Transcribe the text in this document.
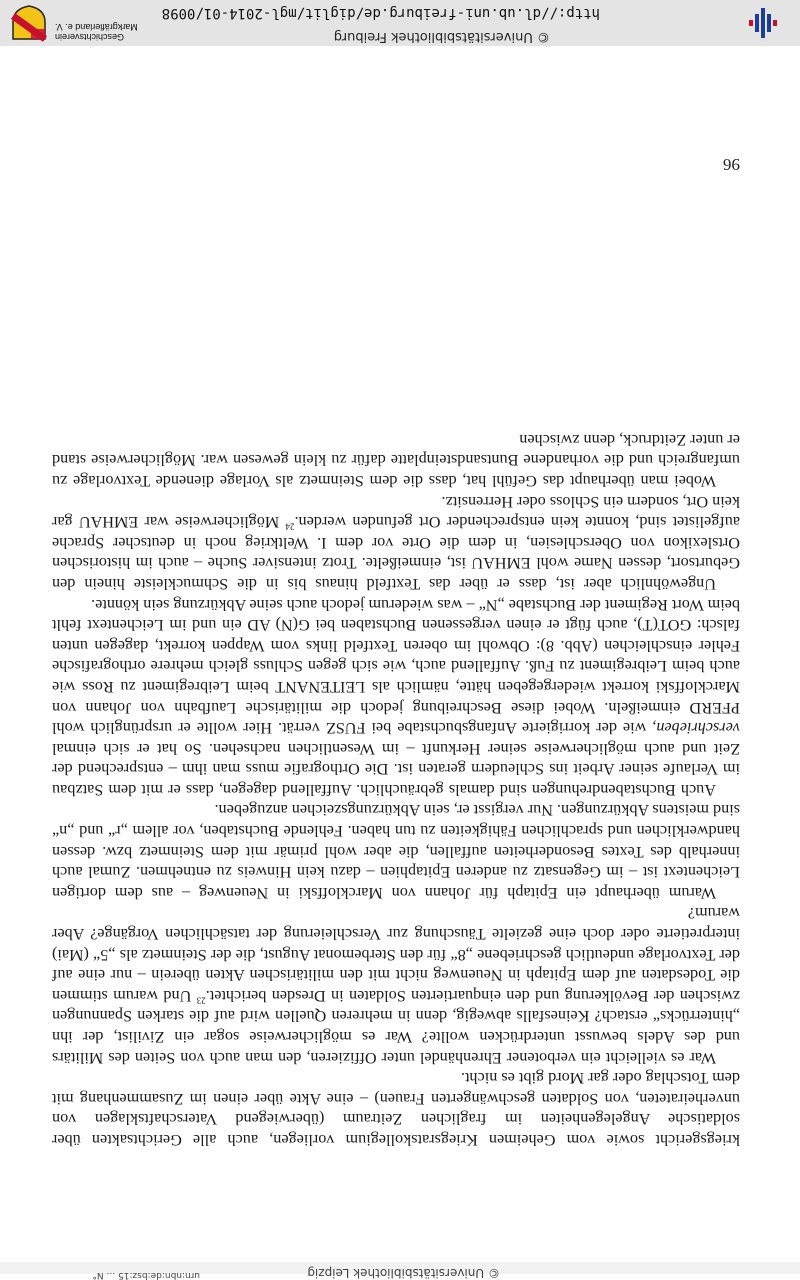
© Universitätsbibliothek Leipzig
urn:nbn:de:bsz:15 ... N°

kriegsgericht sowie vom Geheimen Kriegsratskollegium vorliegen, auch alle Gerichtsakten über soldatische Angelegenheiten im fraglichen Zeitraum (überwiegend Vaterschaftsklagen von unverheirateten, von Soldaten geschwängerten Frauen) – eine Akte über einen im Zusammenhang mit dem Totschlag oder gar Mord gibt es nicht.

War es vielleicht ein verbotener Ehrenhändel unter Offizieren, den man auch von Seiten des Militärs und des Adels bewusst unterdrücken wollte? War es möglicherweise sogar ein Zivilist, der ihn „hinterrücks“ erstach? Keinesfalls abwegig, denn in mehreren Quellen wird auf die starken Spannungen zwischen der Bevölkerung und den einquartierten Soldaten in Dresden berichtet.$^{23}$ Und warum stimmen die Todesdaten auf dem Epitaph in Neuenweg nicht mit den militärischen Akten überein – nur eine auf der Textvorlage undeutlich geschriebene „8“ für den Sterbemonat August, die der Steinmetz als „5“ (Mai) interpretierte oder doch eine gezielte Täuschung zur Verschleierung der tatsächlichen Vorgänge? Aber warum?

Warum überhaupt ein Epitaph für Johann von Marckloffski in Neuenweg – aus dem dortigen Leichentext ist – im Gegensatz zu anderen Epitaphien – dazu kein Hinweis zu entnehmen. Zumal auch innerhalb des Textes Besonderheiten auffallen, die aber wohl primär mit dem Steinmetz bzw. dessen handwerklichen und sprachlichen Fähigkeiten zu tun haben. Fehlende Buchstaben, vor allem „r“ und „n“ sind meistens Abkürzungen. Nur vergisst er, sein Abkürzungszeichen anzugeben.

Auch Buchstabendrehungen sind damals gebräuchlich. Auffallend dagegen, dass er mit dem Satzbau im Verlaufe seiner Arbeit ins Schleudern geraten ist. Die Orthografie muss man ihm – entsprechend der Zeit und auch möglicherweise seiner Herkunft – im Wesentlichen nachsehen. So hat er sich einmal verschrieben, wie der korrigierte Anfangsbuchstabe bei FUSZ verrät. Hier wollte er ursprünglich wohl PFERD einmeißeln. Wobei diese Beschreibung jedoch die militärische Laufbahn von Johann von Marckloffski korrekt wiedergegeben hätte, nämlich als LEITENANT beim Leibregiment zu Ross wie auch beim Leibregiment zu Fuß. Auffallend auch, wie sich gegen Schluss gleich mehrere orthografische Fehler einschleichen (Abb. 8): Obwohl im oberen Textfeld links vom Wappen korrekt, dagegen unten falsch: GOT(T), auch fügt er einen vergessenen Buchstaben bei G(N) AD ein und im Leichentext fehlt beim Wort Regiment der Buchstabe „N“ – was wiederum jedoch auch seine Abkürzung sein könnte.

Ungewöhnlich aber ist, dass er über das Textfeld hinaus bis in die Schmuckleiste hinein den Geburtsort, dessen Name wohl EMHAU ist, einmeißelte. Trotz intensiver Suche – auch im historischen Ortslexikon von Oberschlesien, in dem die Orte vor dem I. Weltkrieg noch in deutscher Sprache aufgelistet sind, konnte kein entsprechender Ort gefunden werden.$^{24}$ Möglicherweise war EMHAU gar kein Ort, sondern ein Schloss oder Herrensitz.

Wobei man überhaupt das Gefühl hat, dass die dem Steinmetz als Vorlage dienende Textvorlage zu umfangreich und die vorhandene Buntsandsteinplatte dafür zu klein gewesen war. Möglicherweise stand er unter Zeitdruck, denn zwischen

96
© Universitätsbibliothek Freiburg
http://dl.ub.uni-freiburg.de/diglit/mgl-2014-01/0098
Geschichtsverein
Markgräflerland e. V.
